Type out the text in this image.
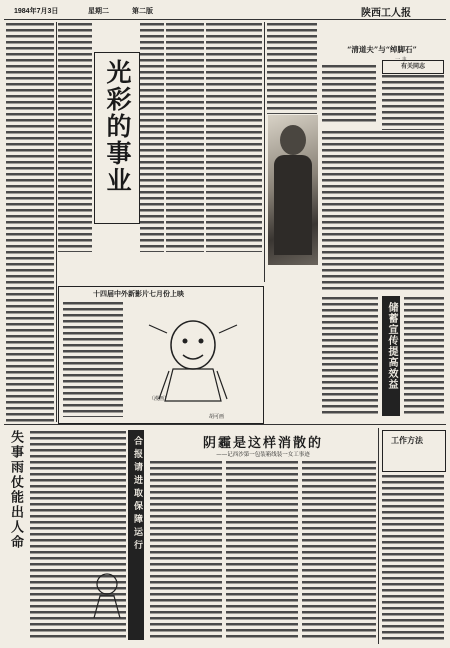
1984年7月3日	星期二	第二版	陕西工人报
光彩的事业
“清道夫”与“绰脚石”
一 韦
有关同志
储蓄宣传提高效益
十四届中外新影片七月份上映
（漫画）
胡可画
失事雨仗能出人命	合报请进取保障运行	阴霾是这样消散的
——记西沙第一包装箱线装一女工事迹
工作方法
